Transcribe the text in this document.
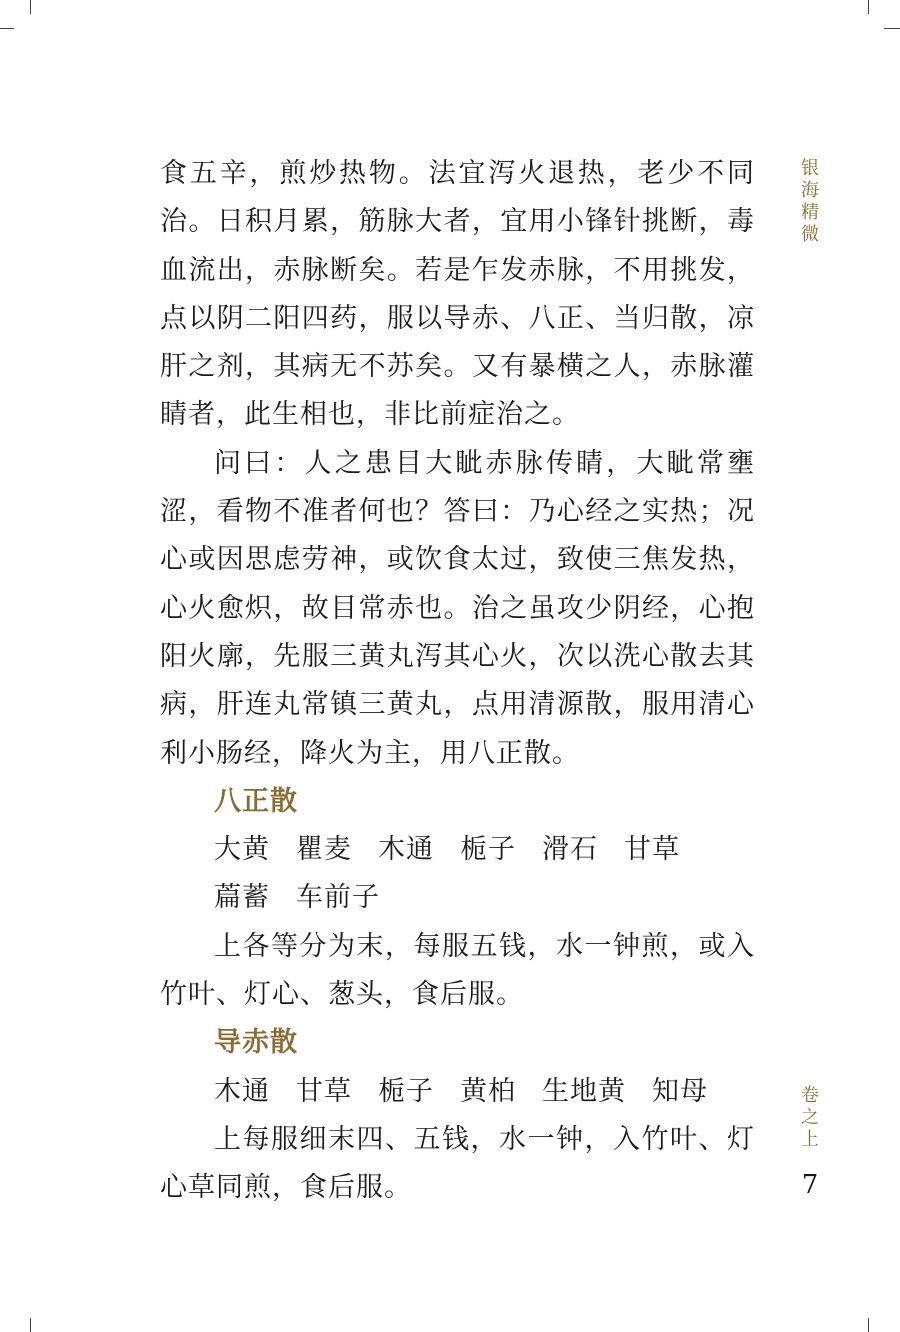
食五辛，煎炒热物。法宜泻火退热，老少不同治。日积月累，筋脉大者，宜用小锋针挑断，毒血流出，赤脉断矣。若是乍发赤脉，不用挑发，点以阴二阳四药，服以导赤、八正、当归散，凉肝之剂，其病无不苏矣。又有暴横之人，赤脉灌睛者，此生相也，非比前症治之。

问曰：人之患目大眦赤脉传睛，大眦常壅涩，看物不准者何也？答曰：乃心经之实热；况心或因思虑劳神，或饮食太过，致使三焦发热，心火愈炽，故目常赤也。治之虽攻少阴经，心抱阳火廓，先服三黄丸泻其心火，次以洗心散去其病，肝连丸常镇三黄丸，点用清源散，服用清心利小肠经，降火为主，用八正散。

八正散

大黄 瞿麦 木通 栀子 滑石 甘草萹蓄 车前子

上各等分为末，每服五钱，水一钟煎，或入竹叶、灯心、葱头，食后服。

导赤散

木通 甘草 栀子 黄柏 生地黄 知母

上每服细末四、五钱，水一钟，入竹叶、灯心草同煎，食后服。

银
海
精
微
卷
之
上
7
